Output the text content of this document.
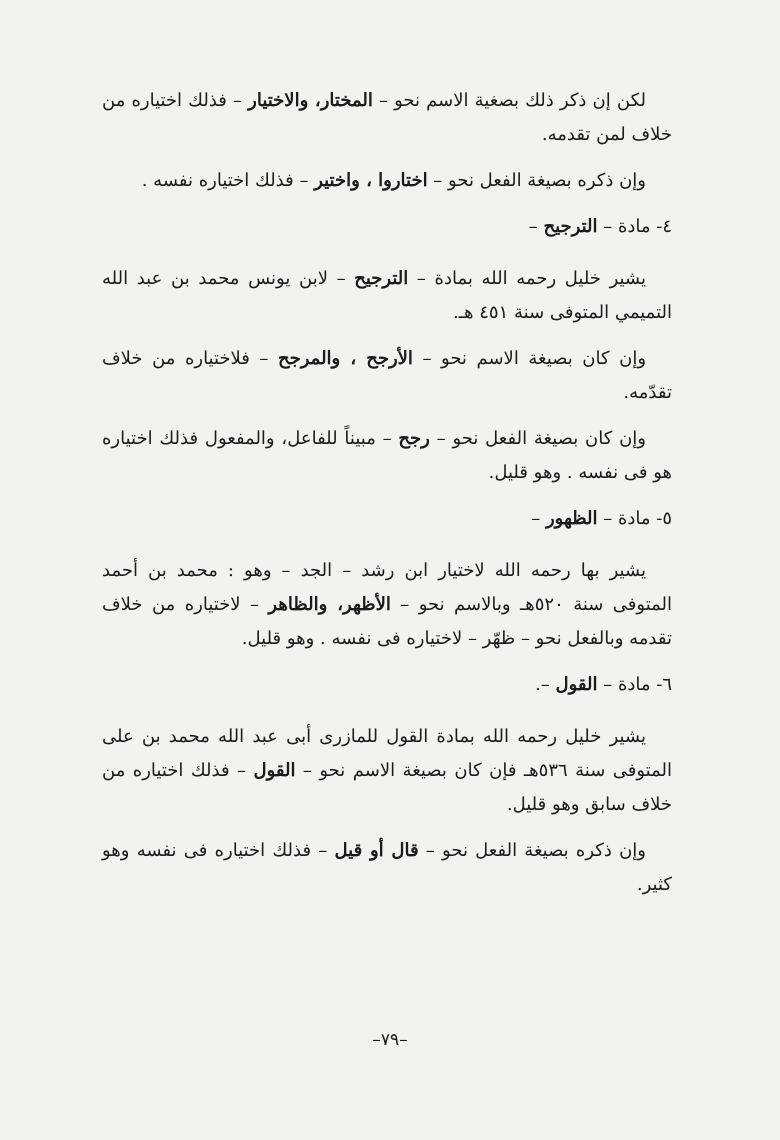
لكن إن ذكر ذلك بصغية الاسم نحو – المختار، والاختيار – فذلك اختياره من خلاف لمن تقدمه.

وإن ذكره بصيغة الفعل نحو – اختاروا ، واختير – فذلك اختياره نفسه .

٤- مادة – الترجيح –

يشير خليل رحمه الله بمادة – الترجيح – لابن يونس محمد بن عبد الله التميمي المتوفى سنة ٤٥١ هـ.

وإن كان بصيغة الاسم نحو – الأرجح ، والمرجح – فلاختياره من خلاف تقدّمه.

وإن كان بصيغة الفعل نحو – رجح – مبيناً للفاعل، والمفعول فذلك اختياره هو فى نفسه . وهو قليل.

٥- مادة – الظهور –

يشير بها رحمه الله لاختيار ابن رشد – الجد – وهو : محمد بن أحمد المتوفى سنة ٥٢٠هـ وبالاسم نحو – الأظهر، والظاهر – لاختياره من خلاف تقدمه وبالفعل نحو – ظهّر – لاختياره فى نفسه . وهو قليل.

٦- مادة – القول –.

يشير خليل رحمه الله بمادة القول للمازرى أبى عبد الله محمد بن على المتوفى سنة ٥٣٦هـ فإن كان بصيغة الاسم نحو – القول – فذلك اختياره من خلاف سابق وهو قليل.

وإن ذكره بصيغة الفعل نحو – قال أو قيل – فذلك اختياره فى نفسه وهو كثير.

–٧٩–
